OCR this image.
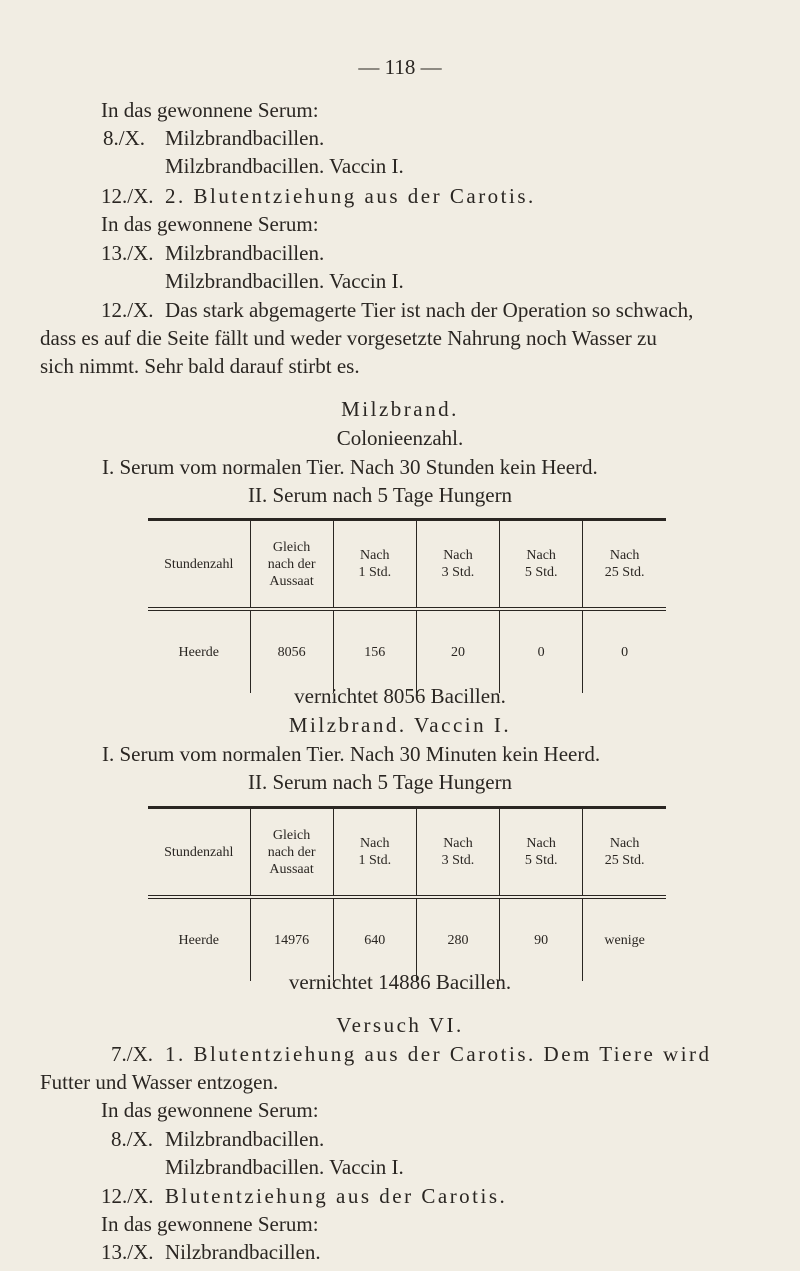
— 118 —
In das gewonnene Serum:
8./X. Milzbrandbacillen.
Milzbrandbacillen. Vaccin I.
12./X. 2. Blutentziehung aus der Carotis.
In das gewonnene Serum:
13./X. Milzbrandbacillen.
Milzbrandbacillen. Vaccin I.
12./X. Das stark abgemagerte Tier ist nach der Operation so schwach,
dass es auf die Seite fällt und weder vorgesetzte Nahrung noch Wasser zu
sich nimmt. Sehr bald darauf stirbt es.
Milzbrand.
Colonieenzahl.
I. Serum vom normalen Tier. Nach 30 Stunden kein Heerd.
II. Serum nach 5 Tage Hungern
Stundenzahl	Gleich nach der Aussaat	Nach 1 Std.	Nach 3 Std.	Nach 5 Std.	Nach 25 Std.
Heerde	8056	156	20	0	0
vernichtet 8056 Bacillen.
Milzbrand. Vaccin I.
I. Serum vom normalen Tier. Nach 30 Minuten kein Heerd.
II. Serum nach 5 Tage Hungern
Stundenzahl	Gleich nach der Aussaat	Nach 1 Std.	Nach 3 Std.	Nach 5 Std.	Nach 25 Std.
Heerde	14976	640	280	90	wenige
vernichtet 14886 Bacillen.
Versuch VI.
7./X. 1. Blutentziehung aus der Carotis. Dem Tiere wird
Futter und Wasser entzogen.
In das gewonnene Serum:
8./X. Milzbrandbacillen.
Milzbrandbacillen. Vaccin I.
12./X. Blutentziehung aus der Carotis.
In das gewonnene Serum:
13./X. Nilzbrandbacillen.
